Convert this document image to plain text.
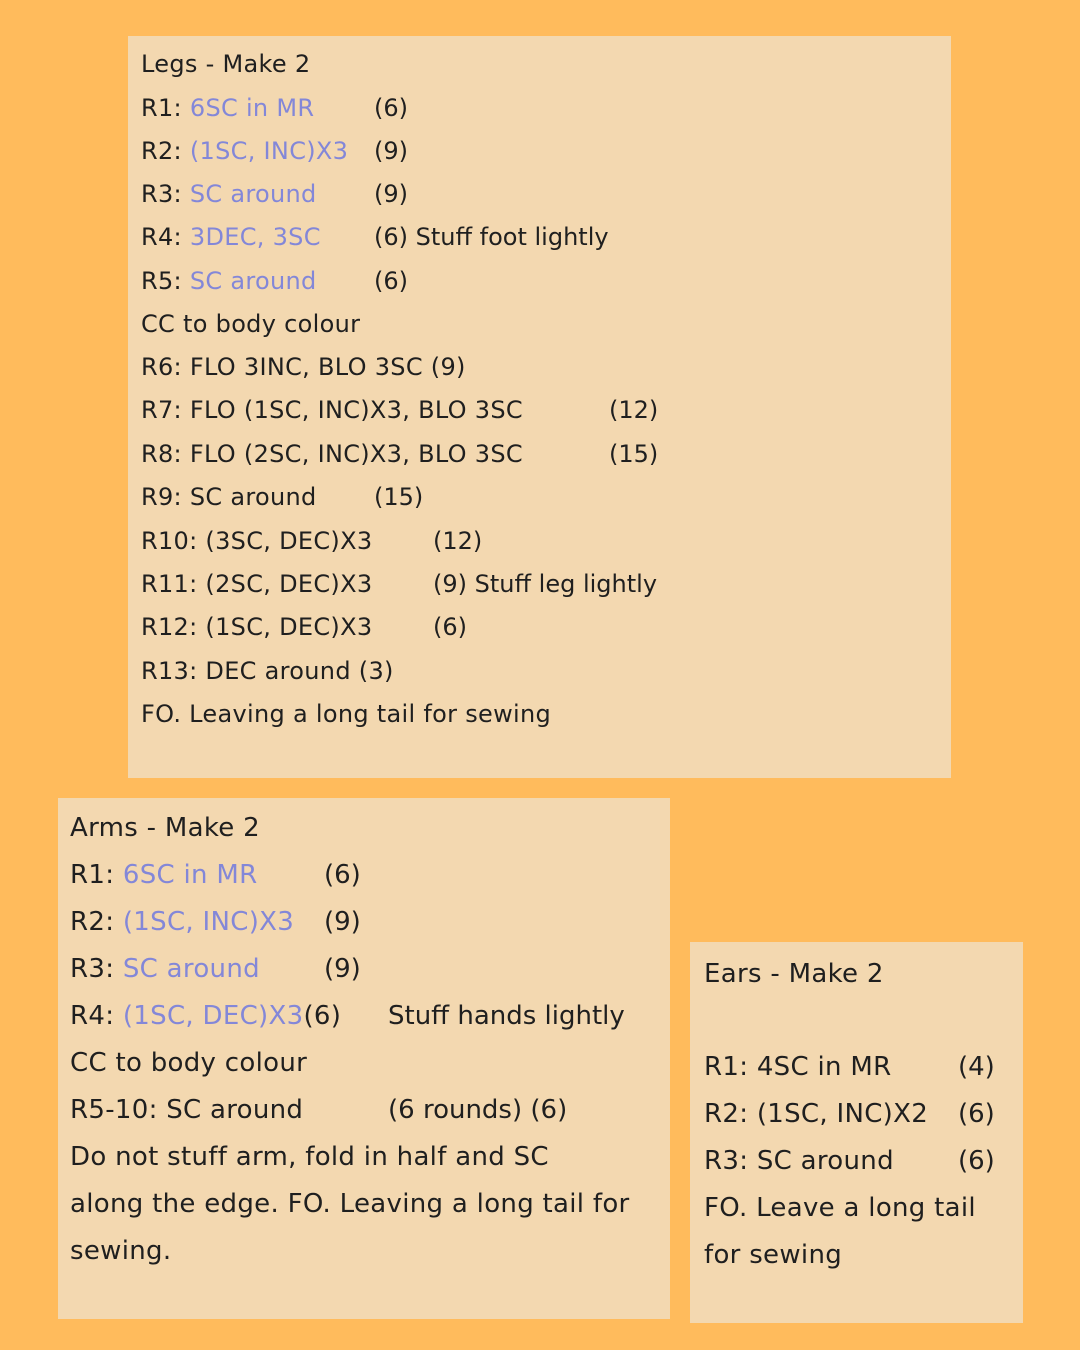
Legs - Make 2
R1: 6SC in MR (6)
R2: (1SC, INC)X3 (9)
R3: SC around (9)
R4: 3DEC, 3SC (6) Stuff foot lightly
R5: SC around (6)
CC to body colour
R6: FLO 3INC, BLO 3SC (9)
R7: FLO (1SC, INC)X3, BLO 3SC	(12)
R8: FLO (2SC, INC)X3, BLO 3SC	(15)
R9: SC around (15)
R10: (3SC, DEC)X3	(12)
R11: (2SC, DEC)X3	(9) Stuff leg lightly
R12: (1SC, DEC)X3	(6)
R13: DEC around (3)
FO. Leaving a long tail for sewing
Arms - Make 2
R1: 6SC in MR	(6)
R2: (1SC, INC)X3 (9)
R3: SC around (9)
R4: (1SC, DEC)X3(6) Stuff hands lightly
CC to body colour
R5-10: SC around	(6 rounds) (6)
Do not stuff arm, fold in half and SC
along the edge. FO. Leaving a long tail for
sewing.
Ears - Make 2
R1: 4SC in MR	(4)
R2: (1SC, INC)X2 (6)
R3: SC around (6)
FO. Leave a long tail
for sewing
